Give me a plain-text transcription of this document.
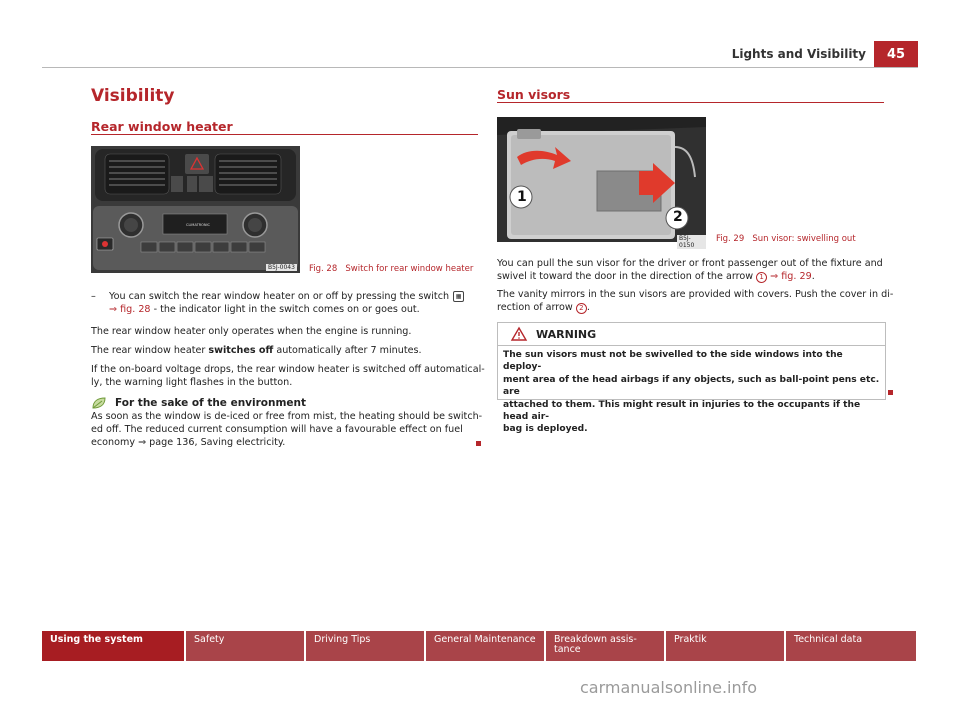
Lights and Visibility	45
Visibility
Rear window heater
CLIMATRONIC
B5J-0043 Fig. 28 Switch for rear window heater
–	You can switch the rear window heater on or off by pressing the switch	▦
⇒ fig. 28 - the indicator light in the switch comes on or goes out.
The rear window heater only operates when the engine is running.
The rear window heater switches off automatically after 7 minutes.
If the on-board voltage drops, the rear window heater is switched off automatical-
ly, the warning light flashes in the button.
For the sake of the environment
As soon as the window is de-iced or free from mist, the heating should be switch-
ed off. The reduced current consumption will have a favourable effect on fuel
economy ⇒ page 136, Saving electricity.
Sun visors
1
2
B5J-0150
Fig. 29 Sun visor: swivelling out
You can pull the sun visor for the driver or front passenger out of the fixture and
swivel it toward the door in the direction of the arrow 1 ⇒ fig. 29.
The vanity mirrors in the sun visors are provided with covers. Push the cover in di-
rection of arrow 2 .
WARNING
The sun visors must not be swivelled to the side windows into the deploy-
ment area of the head airbags if any objects, such as ball-point pens etc. are
attached to them. This might result in injuries to the occupants if the head air-
bag is deployed.
Using the system	Safety	Driving Tips	General Maintenance	Breakdown assis-
tance
Praktik	Technical data
carmanualsonline.info
